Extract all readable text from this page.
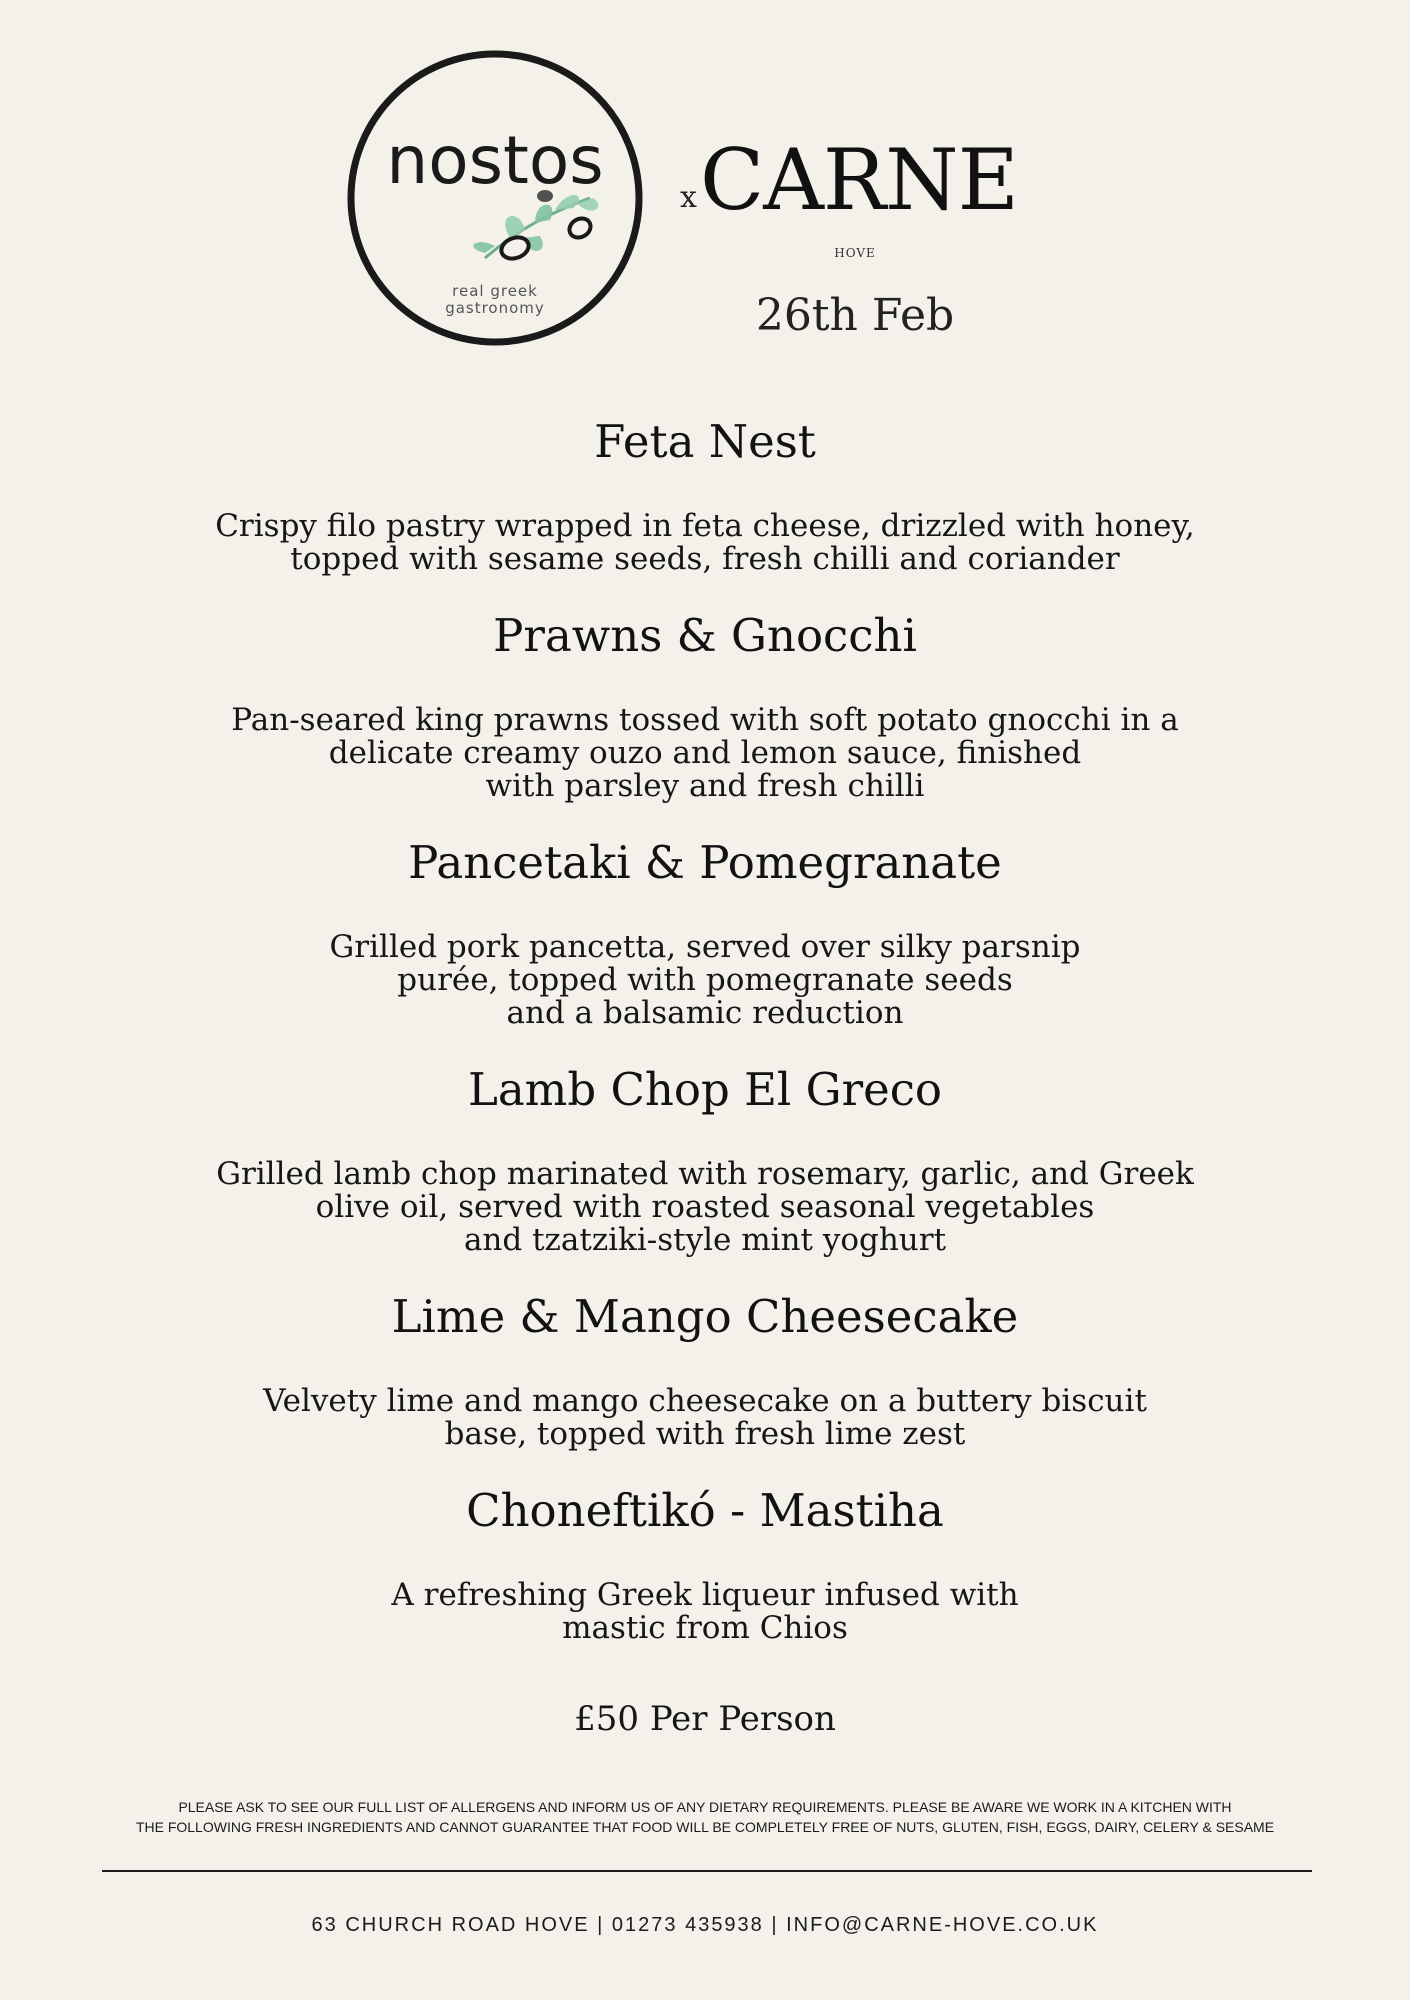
nostos
real greek
gastronomy
x CARNE
HOVE
26th Feb
Feta Nest
Crispy filo pastry wrapped in feta cheese, drizzled with honey,
topped with sesame seeds, fresh chilli and coriander
Prawns & Gnocchi
Pan-seared king prawns tossed with soft potato gnocchi in a
delicate creamy ouzo and lemon sauce, finished
with parsley and fresh chilli
Pancetaki & Pomegranate
Grilled pork pancetta, served over silky parsnip
purée, topped with pomegranate seeds
and a balsamic reduction
Lamb Chop El Greco
Grilled lamb chop marinated with rosemary, garlic, and Greek
olive oil, served with roasted seasonal vegetables
and tzatziki-style mint yoghurt
Lime & Mango Cheesecake
Velvety lime and mango cheesecake on a buttery biscuit
base, topped with fresh lime zest
Choneftikó - Mastiha
A refreshing Greek liqueur infused with
mastic from Chios
£50 Per Person
PLEASE ASK TO SEE OUR FULL LIST OF ALLERGENS AND INFORM US OF ANY DIETARY REQUIREMENTS. PLEASE BE AWARE WE WORK IN A KITCHEN WITH
THE FOLLOWING FRESH INGREDIENTS AND CANNOT GUARANTEE THAT FOOD WILL BE COMPLETELY FREE OF NUTS, GLUTEN, FISH, EGGS, DAIRY, CELERY & SESAME
63 CHURCH ROAD HOVE | 01273 435938 | INFO@CARNE-HOVE.CO.UK
